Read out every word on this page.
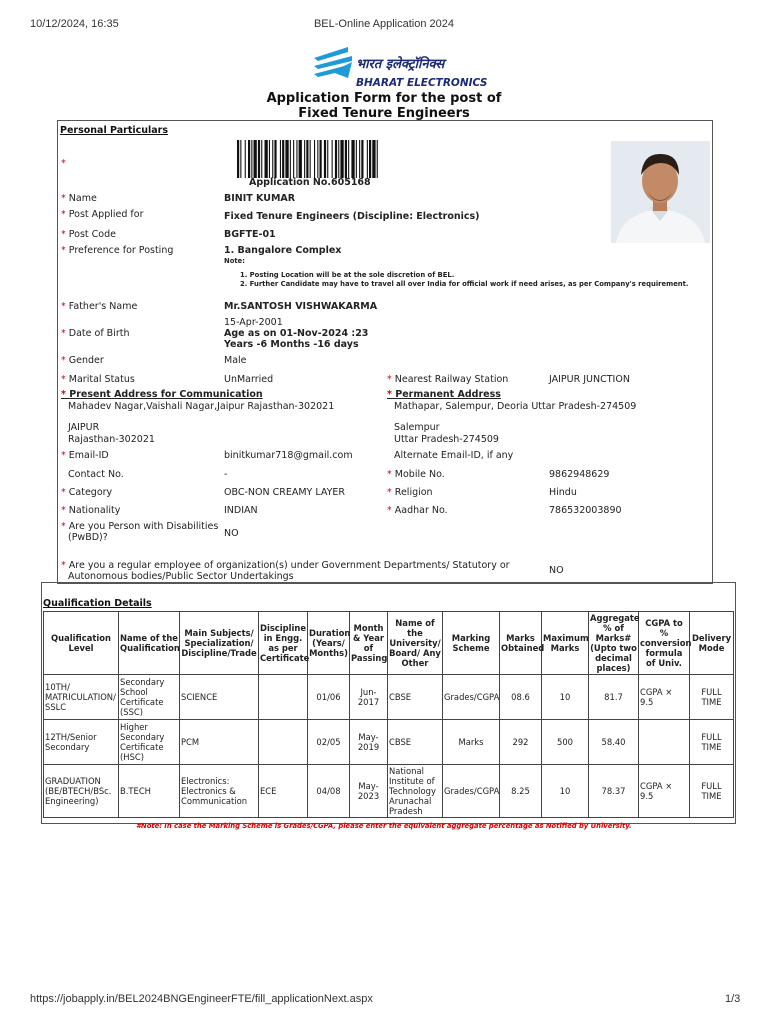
10/12/2024, 16:35	BEL-Online Application 2024
भारत इलेक्ट्रॉनिक्स
BHARAT ELECTRONICS
Application Form for the post of
Fixed Tenure Engineers
Personal Particulars
*
Application No.605168
* Name	BINIT KUMAR
* Post Applied for	Fixed Tenure Engineers (Discipline: Electronics)
* Post Code	BGFTE-01
* Preference for Posting	1. Bangalore Complex
Note:
1. Posting Location will be at the sole discretion of BEL.
2. Further Candidate may have to travel all over India for official work if need arises, as per Company's requirement.
* Father's Name	Mr.SANTOSH VISHWAKARMA
15-Apr-2001
* Date of Birth	Age as on 01-Nov-2024 :23
Years -6 Months -16 days
* Gender	Male
* Marital Status	UnMarried	* Nearest Railway Station	JAIPUR JUNCTION
* Present Address for Communication
Mahadev Nagar,Vaishali Nagar,Jaipur Rajasthan-302021
JAIPUR
Rajasthan-302021
* Permanent Address
Mathapar, Salempur, Deoria Uttar Pradesh-274509
Salempur
Uttar Pradesh-274509
* Email-ID	binitkumar718@gmail.com	Alternate Email-ID, if any
Contact No.	-	* Mobile No.	9862948629
* Category	OBC-NON CREAMY LAYER	* Religion	Hindu
* Nationality	INDIAN	* Aadhar No.	786532003890
* Are you Person with Disabilities
(PwBD)?	NO
* Are you a regular employee of organization(s) under Government Departments/ Statutory or
Autonomous bodies/Public Sector Undertakings
NO
Qualification Details
Qualification Level	Name of the Qualification	Main Subjects/ Specialization/ Discipline/Trade	Discipline in Engg. as per Certificate	Duration (Years/ Months)	Month & Year of Passing	Name of the University/ Board/ Any Other	Marking Scheme	Marks Obtained	Maximum Marks	Aggregate % of Marks# (Upto two decimal places)	CGPA to % conversion formula of Univ.	Delivery Mode
10TH/ MATRICULATION/ SSLC	Secondary School Certificate (SSC)	SCIENCE		01/06	Jun-2017	CBSE	Grades/CGPA	08.6	10	81.7	CGPA × 9.5	FULL TIME
12TH/Senior Secondary	Higher Secondary Certificate (HSC)	PCM		02/05	May-2019	CBSE	Marks	292	500	58.40		FULL TIME
GRADUATION (BE/BTECH/BSc. Engineering)	B.TECH	Electronics: Electronics & Communication	ECE	04/08	May-2023	National Institute of Technology Arunachal Pradesh	Grades/CGPA	8.25	10	78.37	CGPA × 9.5	FULL TIME
#Note: In case the Marking Scheme is Grades/CGPA, please enter the equivalent aggregate percentage as Notified by University.
https://jobapply.in/BEL2024BNGEngineerFTE/fill_applicationNext.aspx	1/3
